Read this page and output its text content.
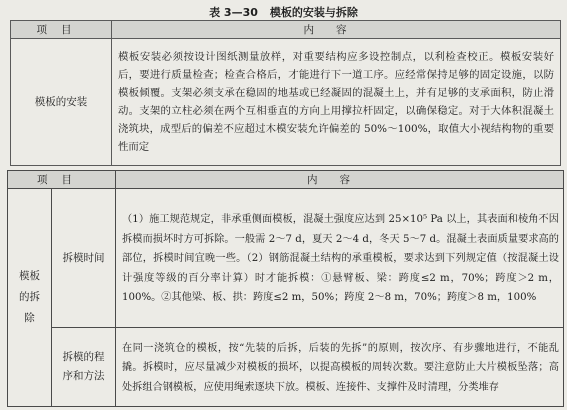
表 3—30 模板的安装与拆除
项目	内容
模板的安装	模板安装必须按设计图纸测量放样，对重要结构应多设控制点，以利检查校正。模板安装好后，要进行质量检查；检查合格后，才能进行下一道工序。应经常保持足够的固定设施，以防模板倾覆。支架必须支承在稳固的地基或已经凝固的混凝土上，并有足够的支承面积，防止滑动。支架的立柱必须在两个互相垂直的方向上用撑拉杆固定，以确保稳定。对于大体积混凝土浇筑块，成型后的偏差不应超过木模安装允许偏差的 50%～100%，取值大小视结构物的重要性而定
项目		内容
模板的拆除	拆模时间	（1）施工规范规定，非承重侧面模板，混凝土强度应达到 25×10⁵ Pa 以上，其表面和棱角不因拆模而损坏时方可拆除。一般需 2～7 d，夏天 2～4 d，冬天 5～7 d。混凝土表面质量要求高的部位，拆模时间宜晚一些。（2）钢筋混凝土结构的承重模板，要求达到下列规定值（按混凝土设计强度等级的百分率计算）时才能拆模：①悬臂板、梁：跨度≤2 m，70%；跨度＞2 m，100%。②其他梁、板、拱：跨度≤2 m，50%；跨度 2～8 m，70%；跨度＞8 m，100%
	拆模的程序和方法	在同一浇筑仓的模板，按“先装的后拆，后装的先拆”的原则，按次序、有步骤地进行，不能乱撬。拆模时，应尽量减少对模板的损坏，以提高模板的周转次数。要注意防止大片模板坠落；高处拆组合钢模板，应使用绳索逐块下放。模板、连接件、支撑件及时清理，分类堆存
